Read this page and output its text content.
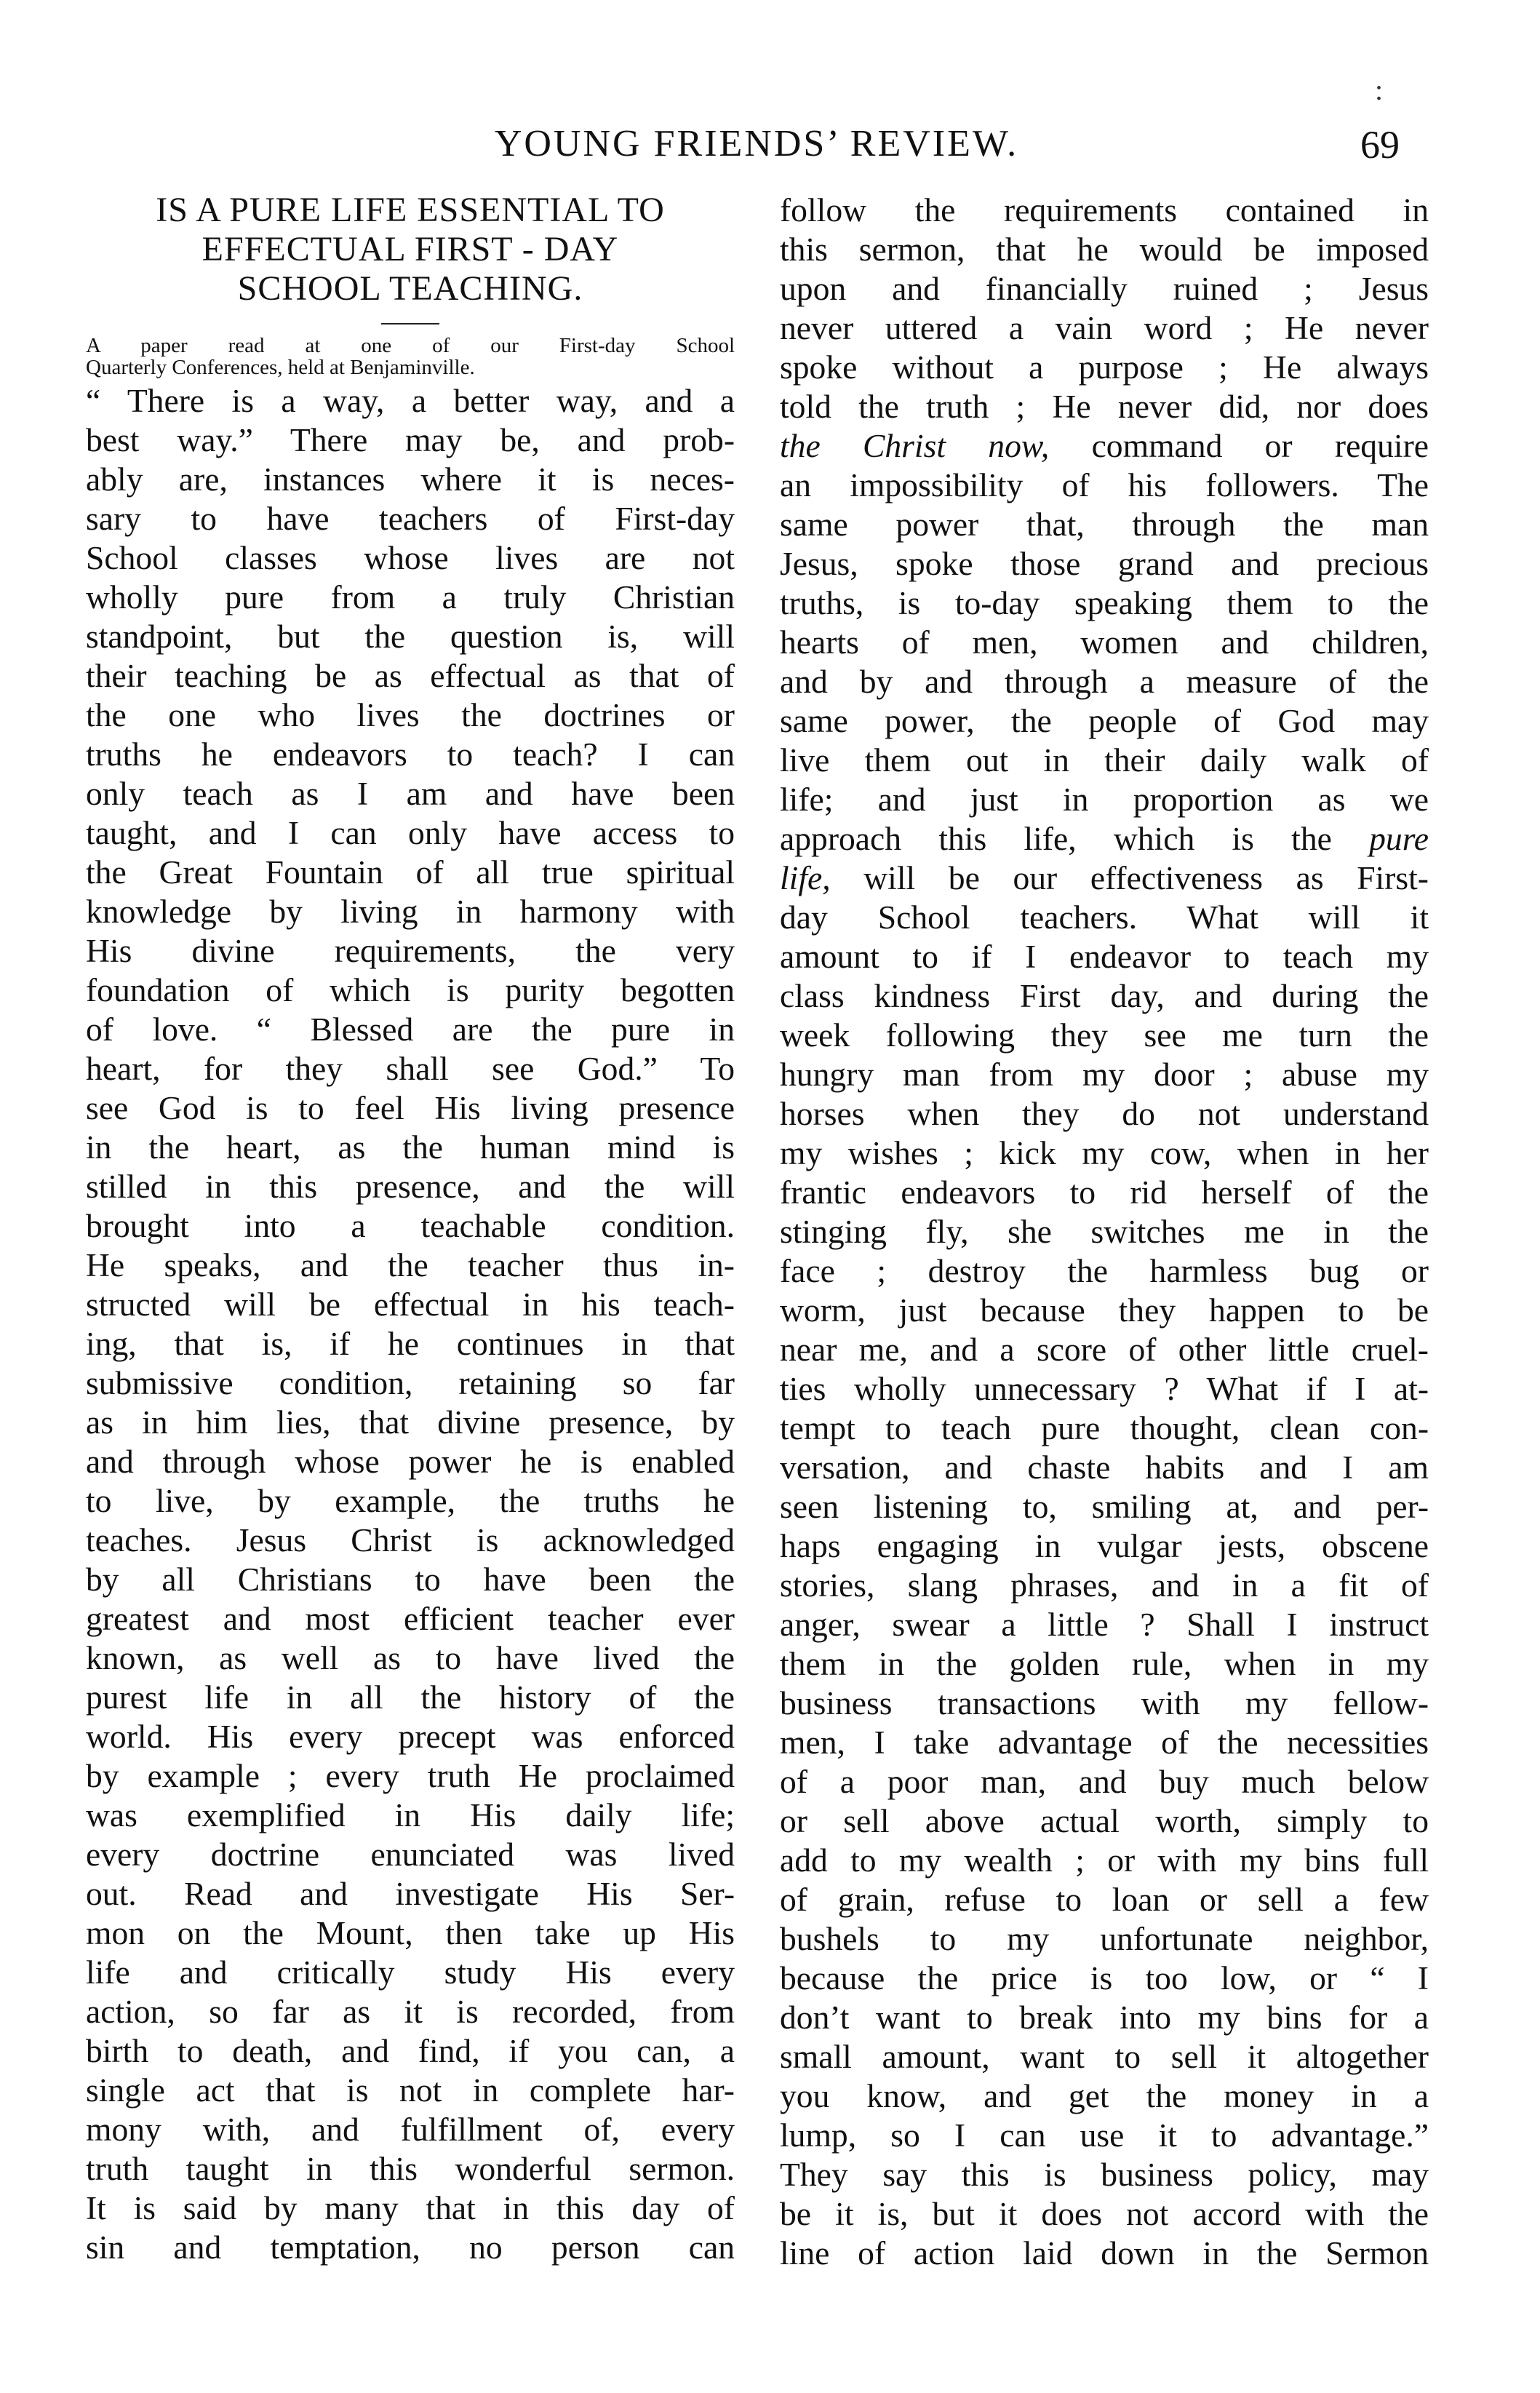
YOUNG FRIENDS’ REVIEW.	69
:
IS A PURE LIFE ESSENTIAL TO
EFFECTUAL FIRST - DAY
SCHOOL TEACHING.
A paper read at one of our First-day School
Quarterly Conferences, held at Benjaminville.
“ There is a way, a better way, and a
best way.” There may be, and prob-
ably are, instances where it is neces-
sary to have teachers of First-day
School classes whose lives are not
wholly pure from a truly Christian
standpoint, but the question is, will
their teaching be as effectual as that of
the one who lives the doctrines or
truths he endeavors to teach? I can
only teach as I am and have been
taught, and I can only have access to
the Great Fountain of all true spiritual
knowledge by living in harmony with
His divine requirements, the very
foundation of which is purity begotten
of love. “ Blessed are the pure in
heart, for they shall see God.” To
see God is to feel His living presence
in the heart, as the human mind is
stilled in this presence, and the will
brought into a teachable condition.
He speaks, and the teacher thus in-
structed will be effectual in his teach-
ing, that is, if he continues in that
submissive condition, retaining so far
as in him lies, that divine presence, by
and through whose power he is enabled
to live, by example, the truths he
teaches. Jesus Christ is acknowledged
by all Christians to have been the
greatest and most efficient teacher ever
known, as well as to have lived the
purest life in all the history of the
world. His every precept was enforced
by example ; every truth He proclaimed
was exemplified in His daily life;
every doctrine enunciated was lived
out. Read and investigate His Ser-
mon on the Mount, then take up His
life and critically study His every
action, so far as it is recorded, from
birth to death, and find, if you can, a
single act that is not in complete har-
mony with, and fulfillment of, every
truth taught in this wonderful sermon.
It is said by many that in this day of
sin and temptation, no person can
follow the requirements contained in
this sermon, that he would be imposed
upon and financially ruined ; Jesus
never uttered a vain word ; He never
spoke without a purpose ; He always
told the truth ; He never did, nor does
the Christ now, command or require
an impossibility of his followers. The
same power that, through the man
Jesus, spoke those grand and precious
truths, is to-day speaking them to the
hearts of men, women and children,
and by and through a measure of the
same power, the people of God may
live them out in their daily walk of
life; and just in proportion as we
approach this life, which is the pure
life, will be our effectiveness as First-
day School teachers. What will it
amount to if I endeavor to teach my
class kindness First day, and during the
week following they see me turn the
hungry man from my door ; abuse my
horses when they do not understand
my wishes ; kick my cow, when in her
frantic endeavors to rid herself of the
stinging fly, she switches me in the
face ; destroy the harmless bug or
worm, just because they happen to be
near me, and a score of other little cruel-
ties wholly unnecessary ? What if I at-
tempt to teach pure thought, clean con-
versation, and chaste habits and I am
seen listening to, smiling at, and per-
haps engaging in vulgar jests, obscene
stories, slang phrases, and in a fit of
anger, swear a little ? Shall I instruct
them in the golden rule, when in my
business transactions with my fellow-
men, I take advantage of the necessities
of a poor man, and buy much below
or sell above actual worth, simply to
add to my wealth ; or with my bins full
of grain, refuse to loan or sell a few
bushels to my unfortunate neighbor,
because the price is too low, or “ I
don’t want to break into my bins for a
small amount, want to sell it altogether
you know, and get the money in a
lump, so I can use it to advantage.”
They say this is business policy, may
be it is, but it does not accord with the
line of action laid down in the Sermon
